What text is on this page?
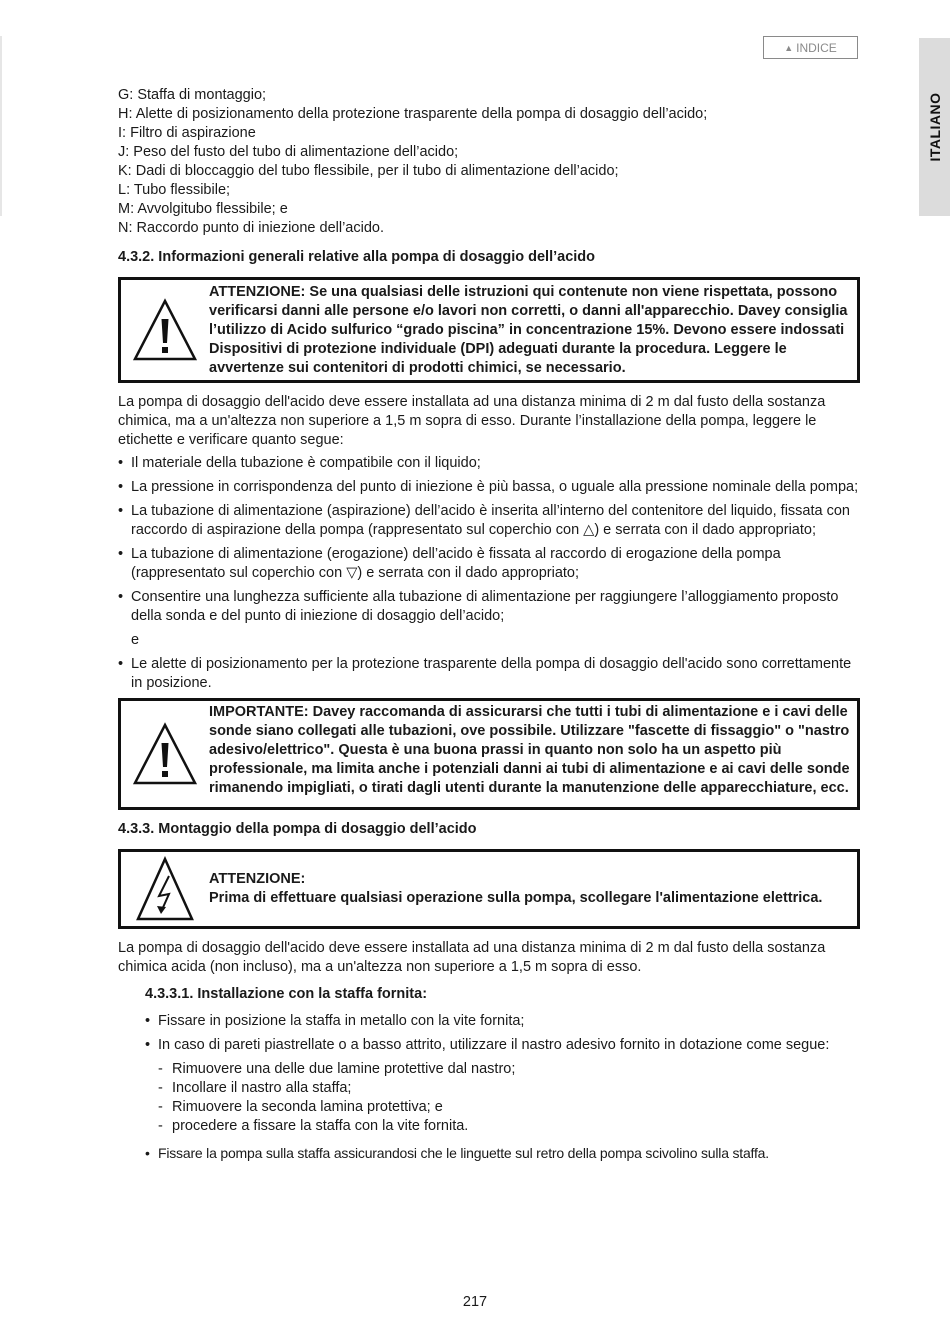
▲ INDICE
ITALIANO

G: Staffa di montaggio;

H: Alette di posizionamento della protezione trasparente della pompa di dosaggio dell’acido;

I: Filtro di aspirazione

J: Peso del fusto del tubo di alimentazione dell’acido;

K: Dadi di bloccaggio del tubo flessibile, per il tubo di alimentazione dell’acido;

L: Tubo flessibile;

M: Avvolgitubo flessibile; e

N: Raccordo punto di iniezione dell’acido.

4.3.2. Informazioni generali relative alla pompa di dosaggio dell’acido

ATTENZIONE: Se una qualsiasi delle istruzioni qui contenute non viene rispettata, possono verificarsi danni alle persone e/o lavori non corretti, o danni all'apparecchio. Davey consiglia l’utilizzo di Acido sulfurico “grado piscina” in concentrazione 15%. Devono essere indossati Dispositivi di protezione individuale (DPI) adeguati durante la procedura. Leggere le avvertenze sui contenitori di prodotti chimici, se necessario.

La pompa di dosaggio dell'acido deve essere installata ad una distanza minima di 2 m dal fusto della sostanza chimica, ma a un'altezza non superiore a 1,5 m sopra di esso. Durante l’installazione della pompa, leggere le etichette e verificare quanto segue:

• Il materiale della tubazione è compatibile con il liquido;
• La pressione in corrispondenza del punto di iniezione è più bassa, o uguale alla pressione nominale della pompa;
• La tubazione di alimentazione (aspirazione) dell’acido è inserita all’interno del contenitore del liquido, fissata con raccordo di aspirazione della pompa (rappresentato sul coperchio con △) e serrata con il dado appropriato;
• La tubazione di alimentazione (erogazione) dell’acido è fissata al raccordo di erogazione della pompa (rappresentato sul coperchio con ▽) e serrata con il dado appropriato;
• Consentire una lunghezza sufficiente alla tubazione di alimentazione per raggiungere l’alloggiamento proposto della sonda e del punto di iniezione di dosaggio dell’acido;

e

• Le alette di posizionamento per la protezione trasparente della pompa di dosaggio dell'acido sono correttamente in posizione.

IMPORTANTE: Davey raccomanda di assicurarsi che tutti i tubi di alimentazione e i cavi delle sonde siano collegati alle tubazioni, ove possibile. Utilizzare "fascette di fissaggio" o "nastro adesivo/elettrico". Questa è una buona prassi in quanto non solo ha un aspetto più professionale, ma limita anche i potenziali danni ai tubi di alimentazione e ai cavi delle sonde rimanendo impigliati, o tirati dagli utenti durante la manutenzione delle apparecchiature, ecc.

4.3.3. Montaggio della pompa di dosaggio dell’acido

ATTENZIONE:

Prima di effettuare qualsiasi operazione sulla pompa, scollegare l'alimentazione elettrica.

La pompa di dosaggio dell'acido deve essere installata ad una distanza minima di 2 m dal fusto della sostanza chimica acida (non incluso), ma a un'altezza non superiore a 1,5 m sopra di esso.

4.3.3.1. Installazione con la staffa fornita:
• Fissare in posizione la staffa in metallo con la vite fornita;
• In caso di pareti piastrellate o a basso attrito, utilizzare il nastro adesivo fornito in dotazione come segue:
- Rimuovere una delle due lamine protettive dal nastro;
- Incollare il nastro alla staffa;
- Rimuovere la seconda lamina protettiva; e
- procedere a fissare la staffa con la vite fornita.
• Fissare la pompa sulla staffa assicurandosi che le linguette sul retro della pompa scivolino sulla staffa.
217
